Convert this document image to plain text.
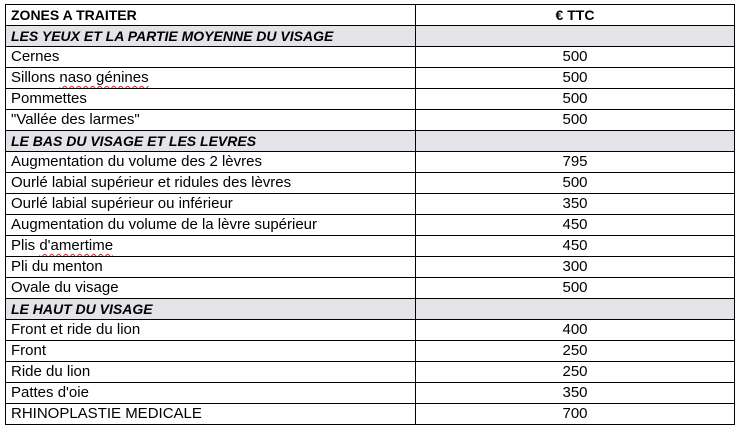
ZONES A TRAITER	€ TTC
LES YEUX ET LA PARTIE MOYENNE DU VISAGE	
Cernes	500
Sillons naso génines	500
Pommettes	500
"Vallée des larmes"	500
LE BAS DU VISAGE ET LES LEVRES	
Augmentation du volume des 2 lèvres	795
Ourlé labial supérieur et ridules des lèvres	500
Ourlé labial supérieur ou inférieur	350
Augmentation du volume de la lèvre supérieur	450
Plis d'amertime	450
Pli du menton	300
Ovale du visage	500
LE HAUT DU VISAGE	
Front et ride du lion	400
Front	250
Ride du lion	250
Pattes d'oie	350
RHINOPLASTIE MEDICALE	700
